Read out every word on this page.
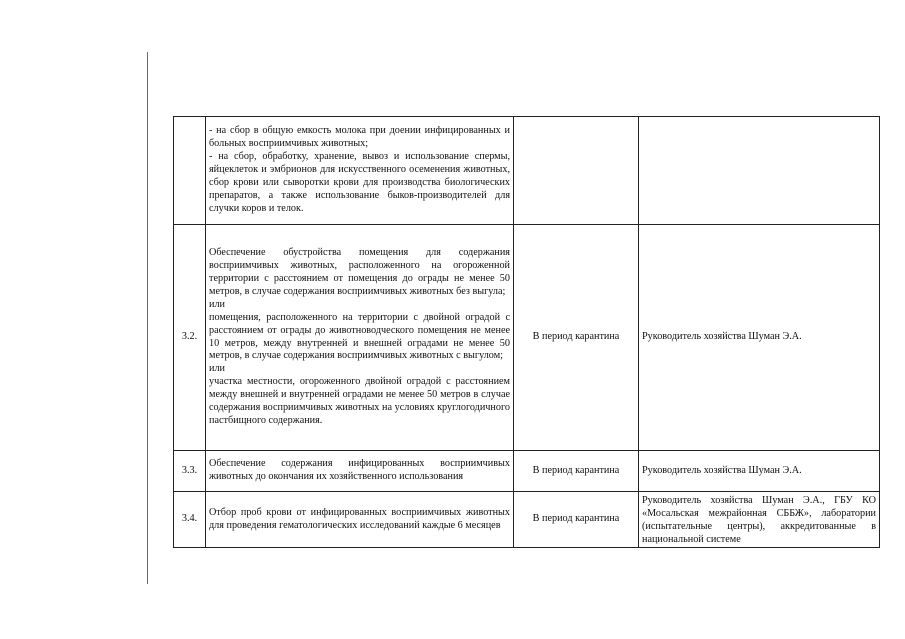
	- на сбор в общую емкость молока при доении инфицированных и больных восприимчивых животных;

- на сбор, обработку, хранение, вывоз и использование спермы, яйцеклеток и эмбрионов для искусственного осеменения животных, сбор крови или сыворотки крови для производства биологических препаратов, а также использование быков-производителей для случки коров и телок.		

3.2.	Обеспечение обустройства помещения для содержания восприимчивых животных, расположенного на огороженной территории с расстоянием от помещения до ограды не менее 50 метров, в случае содержания восприимчивых животных без выгула;

или

помещения, расположенного на территории с двойной оградой с расстоянием от ограды до животноводческого помещения не менее 10 метров, между внутренней и внешней оградами не менее 50 метров, в случае содержания восприимчивых животных с выгулом;

или

участка местности, огороженного двойной оградой с расстоянием между внешней и внутренней оградами не менее 50 метров в случае содержания восприимчивых животных на условиях круглогодичного пастбищного содержания.	В период карантина	Руководитель хозяйства Шуман Э.А.
3.3.	Обеспечение содержания инфицированных восприимчивых животных до окончания их хозяйственного использования	В период карантина	Руководитель хозяйства Шуман Э.А.
3.4.	Отбор проб крови от инфицированных восприимчивых животных для проведения гематологических исследований каждые 6 месяцев	В период карантина	Руководитель хозяйства Шуман Э.А., ГБУ КО «Мосальская межрайонная СББЖ», лаборатории (испытательные центры), аккредитованные в национальной системе
